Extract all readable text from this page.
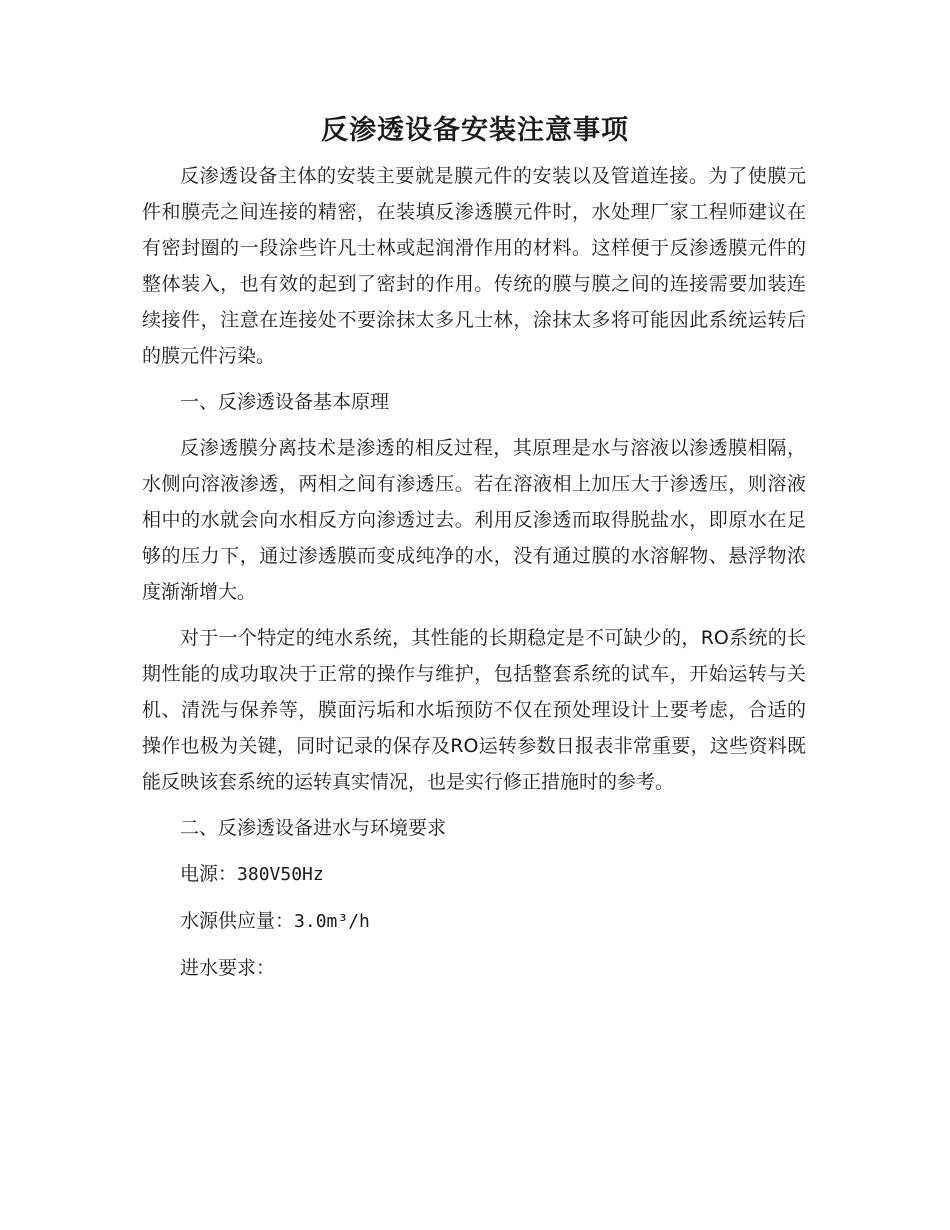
反渗透设备安装注意事项

反渗透设备主体的安装主要就是膜元件的安装以及管道连接。为了使膜元件和膜壳之间连接的精密，在装填反渗透膜元件时，水处理厂家工程师建议在有密封圈的一段涂些许凡士林或起润滑作用的材料。这样便于反渗透膜元件的整体装入，也有效的起到了密封的作用。传统的膜与膜之间的连接需要加装连续接件，注意在连接处不要涂抹太多凡士林，涂抹太多将可能因此系统运转后的膜元件污染。

一、反渗透设备基本原理

反渗透膜分离技术是渗透的相反过程，其原理是水与溶液以渗透膜相隔，水侧向溶液渗透，两相之间有渗透压。若在溶液相上加压大于渗透压，则溶液相中的水就会向水相反方向渗透过去。利用反渗透而取得脱盐水，即原水在足够的压力下，通过渗透膜而变成纯净的水，没有通过膜的水溶解物、悬浮物浓度渐渐增大。

对于一个特定的纯水系统，其性能的长期稳定是不可缺少的，RO系统的长期性能的成功取决于正常的操作与维护，包括整套系统的试车，开始运转与关机、清洗与保养等，膜面污垢和水垢预防不仅在预处理设计上要考虑，合适的操作也极为关键，同时记录的保存及RO运转参数日报表非常重要，这些资料既能反映该套系统的运转真实情况，也是实行修正措施时的参考。

二、反渗透设备进水与环境要求

电源：380V50Hz

水源供应量：3.0m³/h

进水要求：
